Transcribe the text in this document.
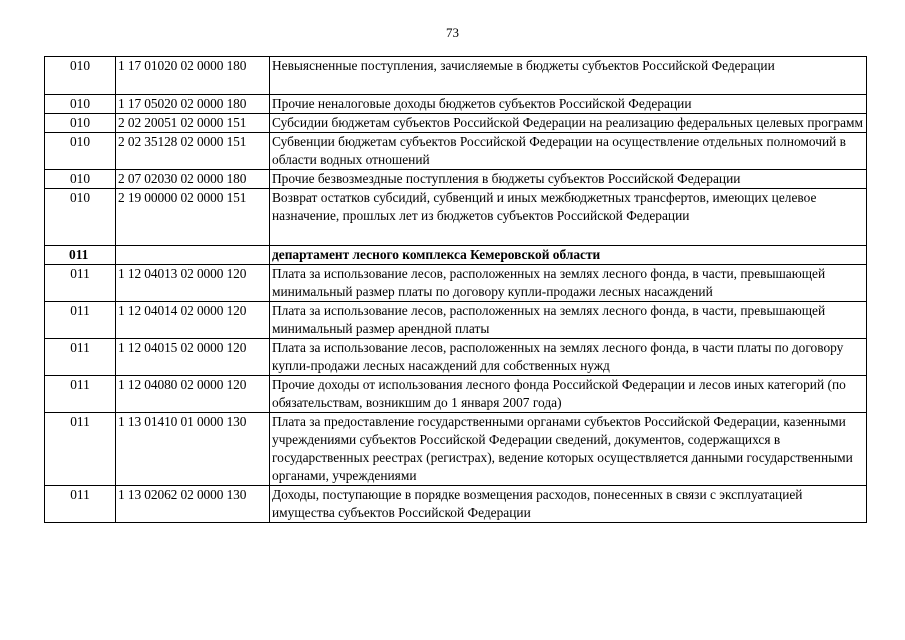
73
010	1 17 01020 02 0000 180	Невыясненные поступления, зачисляемые в бюджеты субъектов Российской Федерации
010	1 17 05020 02 0000 180	Прочие неналоговые доходы бюджетов субъектов Российской Федерации
010	2 02 20051 02 0000 151	Субсидии бюджетам субъектов Российской Федерации на реализацию федеральных целевых программ
010	2 02 35128 02 0000 151	Субвенции бюджетам субъектов Российской Федерации на осуществление отдельных полномочий в области водных отношений
010	2 07 02030 02 0000 180	Прочие безвозмездные поступления в бюджеты субъектов Российской Федерации
010	2 19 00000 02 0000 151	Возврат остатков субсидий, субвенций и иных межбюджетных трансфертов, имеющих целевое назначение, прошлых лет из бюджетов субъектов Российской Федерации
011		департамент лесного комплекса Кемеровской области
011	1 12 04013 02 0000 120	Плата за использование лесов, расположенных на землях лесного фонда, в части, превышающей минимальный размер платы по договору купли-продажи лесных насаждений
011	1 12 04014 02 0000 120	Плата за использование лесов, расположенных на землях лесного фонда, в части, превышающей минимальный размер арендной платы
011	1 12 04015 02 0000 120	Плата за использование лесов, расположенных на землях лесного фонда, в части платы по договору купли-продажи лесных насаждений для собственных нужд
011	1 12 04080 02 0000 120	Прочие доходы от использования лесного фонда Российской Федерации и лесов иных категорий (по обязательствам, возникшим до 1 января 2007 года)
011	1 13 01410 01 0000 130	Плата за предоставление государственными органами субъектов Российской Федерации, казенными учреждениями субъектов Российской Федерации сведений, документов, содержащихся в государственных реестрах (регистрах), ведение которых осуществляется данными государственными органами, учреждениями
011	1 13 02062 02 0000 130	Доходы, поступающие в порядке возмещения расходов, понесенных в связи с эксплуатацией имущества субъектов Российской Федерации
